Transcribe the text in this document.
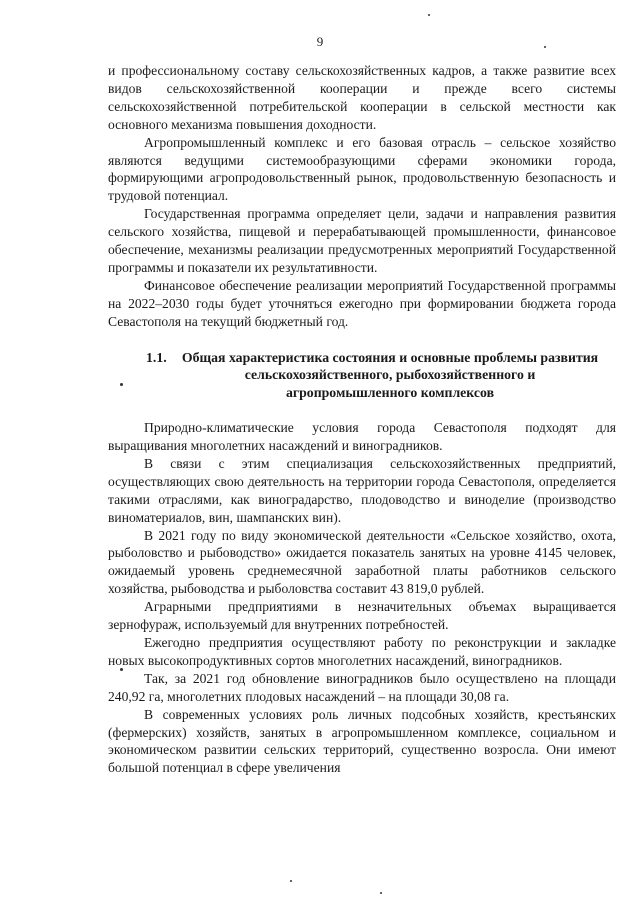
9

и профессиональному составу сельскохозяйственных кадров, а также развитие всех видов сельскохозяйственной кооперации и прежде всего системы сельскохозяйственной потребительской кооперации в сельской местности как основного механизма повышения доходности.

Агропромышленный комплекс и его базовая отрасль – сельское хозяйство являются ведущими системообразующими сферами экономики города, формирующими агропродовольственный рынок, продовольственную безопасность и трудовой потенциал.

Государственная программа определяет цели, задачи и направления развития сельского хозяйства, пищевой и перерабатывающей промышленности, финансовое обеспечение, механизмы реализации предусмотренных мероприятий Государственной программы и показатели их результативности.

Финансовое обеспечение реализации мероприятий Государственной программы на 2022–2030 годы будет уточняться ежегодно при формировании бюджета города Севастополя на текущий бюджетный год.

1.1.	Общая характеристика состояния и основные проблемы развития сельскохозяйственного, рыбохозяйственного и агропромышленного комплексов

Природно-климатические условия города Севастополя подходят для выращивания многолетних насаждений и виноградников.

В связи с этим специализация сельскохозяйственных предприятий, осуществляющих свою деятельность на территории города Севастополя, определяется такими отраслями, как виноградарство, плодоводство и виноделие (производство виноматериалов, вин, шампанских вин).

В 2021 году по виду экономической деятельности «Сельское хозяйство, охота, рыболовство и рыбоводство» ожидается показатель занятых на уровне 4145 человек, ожидаемый уровень среднемесячной заработной платы работников сельского хозяйства, рыбоводства и рыболовства составит 43 819,0 рублей.

Аграрными предприятиями в незначительных объемах выращивается зернофураж, используемый для внутренних потребностей.

Ежегодно предприятия осуществляют работу по реконструкции и закладке новых высокопродуктивных сортов многолетних насаждений, виноградников.

Так, за 2021 год обновление виноградников было осуществлено на площади 240,92 га, многолетних плодовых насаждений – на площади 30,08 га.

В современных условиях роль личных подсобных хозяйств, крестьянских (фермерских) хозяйств, занятых в агропромышленном комплексе, социальном и экономическом развитии сельских территорий, существенно возросла. Они имеют большой потенциал в сфере увеличения
